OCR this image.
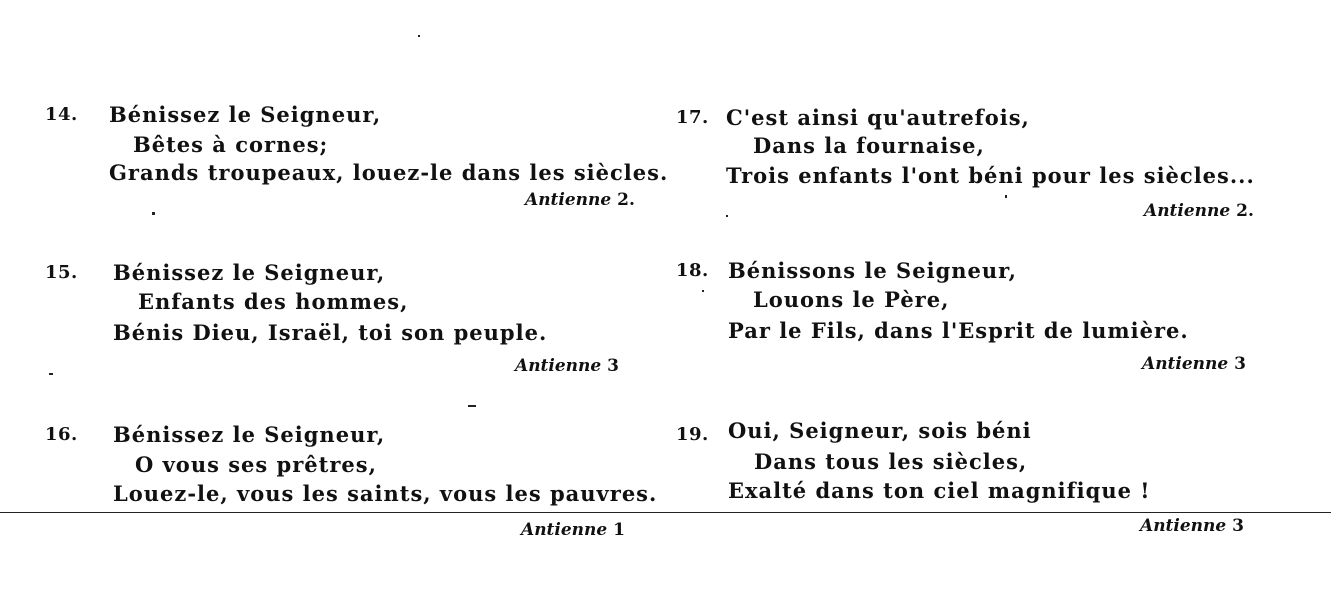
14. Bénissez le Seigneur,
Bêtes à cornes;
Grands troupeaux, louez-le dans les siècles.
Antienne 2.
15. Bénissez le Seigneur,
Enfants des hommes,
Bénis Dieu, Israël, toi son peuple.
Antienne 3
16. Bénissez le Seigneur,
O vous ses prêtres,
Louez-le, vous les saints, vous les pauvres.
Antienne 1
17. C'est ainsi qu'autrefois,
Dans la fournaise,
Trois enfants l'ont béni pour les siècles...
Antienne 2.
18. Bénissons le Seigneur,
Louons le Père,
Par le Fils, dans l'Esprit de lumière.
Antienne 3
19. Oui, Seigneur, sois béni
Dans tous les siècles,
Exalté dans ton ciel magnifique !
Antienne 3
